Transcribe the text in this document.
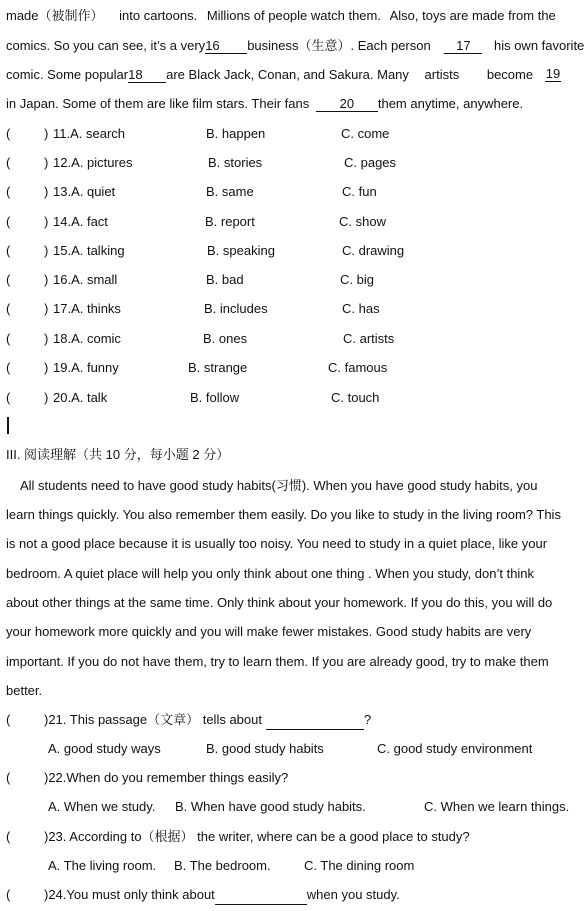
made（被制作） into cartoons. Millions of people watch them. Also, toys are made from the
comics. So you can see, it’s a very16 business（生意）. Each person 17 his own favorite
comic. Some popular18 are Black Jack, Conan, and Sakura. Many artists become 19
in Japan. Some of them are like film stars. Their fans 20 them anytime, anywhere.
(	) 11.A. search	B. happen	C. come
(	) 12.A. pictures	B. stories	C. pages
(	) 13.A. quiet	B. same	C. fun
(	) 14.A. fact	B. report	C. show
(	) 15.A. talking	B. speaking	C. drawing
(	) 16.A. small	B. bad	C. big
(	) 17.A. thinks	B. includes	C. has
(	) 18.A. comic	B. ones	C. artists
(	) 19.A. funny	B. strange	C. famous
(	) 20.A. talk	B. follow	C. touch
III. 阅读理解（共 10 分，每小题 2 分）
All students need to have good study habits(习惯). When you have good study habits, you
learn things quickly. You also remember them easily. Do you like to study in the living room? This
is not a good place because it is usually too noisy. You need to study in a quiet place, like your
bedroom. A quiet place will help you only think about one thing . When you study, don’t think
about other things at the same time. Only think about your homework. If you do this, you will do
your homework more quickly and you will make fewer mistakes. Good study habits are very
important. If you do not have them, try to learn them. If you are already good, try to make them
better.
(	)21. This passage（文章） tells about	?
A. good study ways	B. good study habits	C. good study environment
(	)22.When do you remember things easily?
A. When we study. B. When have good study habits.	C. When we learn things.
(	)23. According to（根据） the writer, where can be a good place to study?
A. The living room. B. The bedroom.	C. The dining room
(	)24.You must only think about	when you study.
